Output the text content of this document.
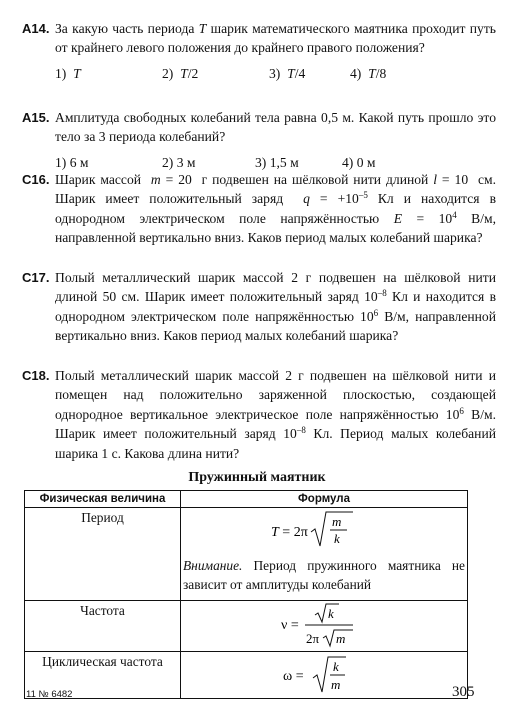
А14. За какую часть периода T шарик математического маятника проходит путь от крайнего левого положения до крайнего правого положения?
1)  T	2)  T/2	3)  T/4	4)  T/8
А15. Амплитуда свободных колебаний тела равна 0,5 м. Какой путь прошло это тело за 3 периода колебаний?
1) 6 м	2) 3 м	3) 1,5 м	4) 0 м
С16. Шарик массой  m = 20  г подвешен на шёлковой нити длиной l = 10  см. Шарик имеет положительный заряд  $q = +10^{-5}$ Кл и находится в однородном электрическом поле напряжённостью $E = 10^4$ В/м, направленной вертикально вниз. Каков период малых колебаний шарика?
С17. Полый металлический шарик массой 2 г подвешен на шёлковой нити длиной 50 см. Шарик имеет положительный заряд $10^{-8}$ Кл и находится в однородном электрическом поле напряжённостью $10^6$ В/м, направленной вертикально вниз. Каков период малых колебаний шарика?
С18. Полый металлический шарик массой 2 г подвешен на шёлковой нити и помещен над положительно заряженной плоскостью, создающей однородное вертикальное электрическое поле напряжённостью $10^6$ В/м. Шарик имеет положительный заряд $10^{-8}$ Кл. Период малых колебаний шарика 1 с. Какова длина нити?
Пружинный маятник
Физическая величина	Формула
Период	T = 2π
m
k
Внимание. Период пружинного маятника не зависит от амплитуды колебаний

Частота	ν =
k
2π m

Циклическая частота	ω =
k
m
11 № 6482	305
